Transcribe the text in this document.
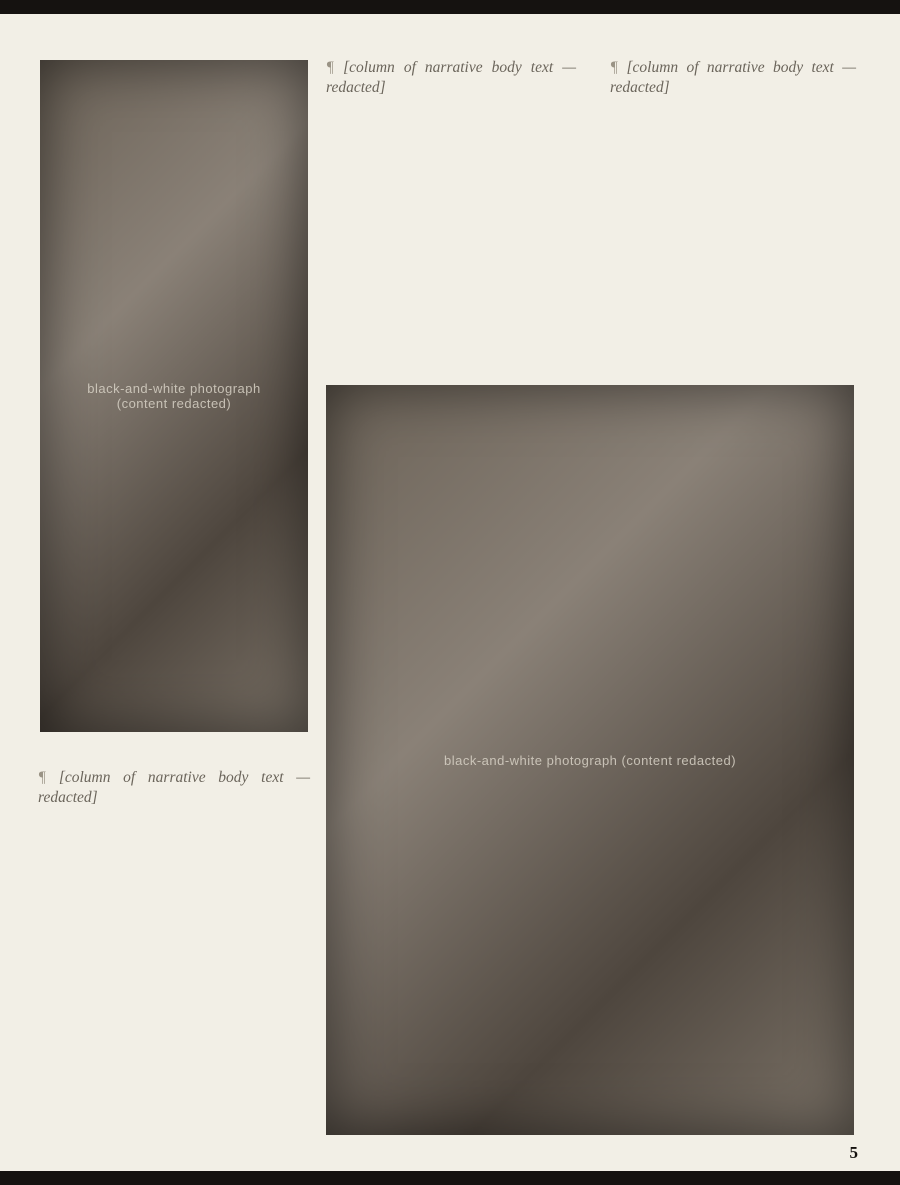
black-and-white photograph (content redacted)
black-and-white photograph (content redacted)

¶ [column of narrative body text — redacted]

¶ [column of narrative body text — redacted]

¶ [column of narrative body text — redacted]

5
